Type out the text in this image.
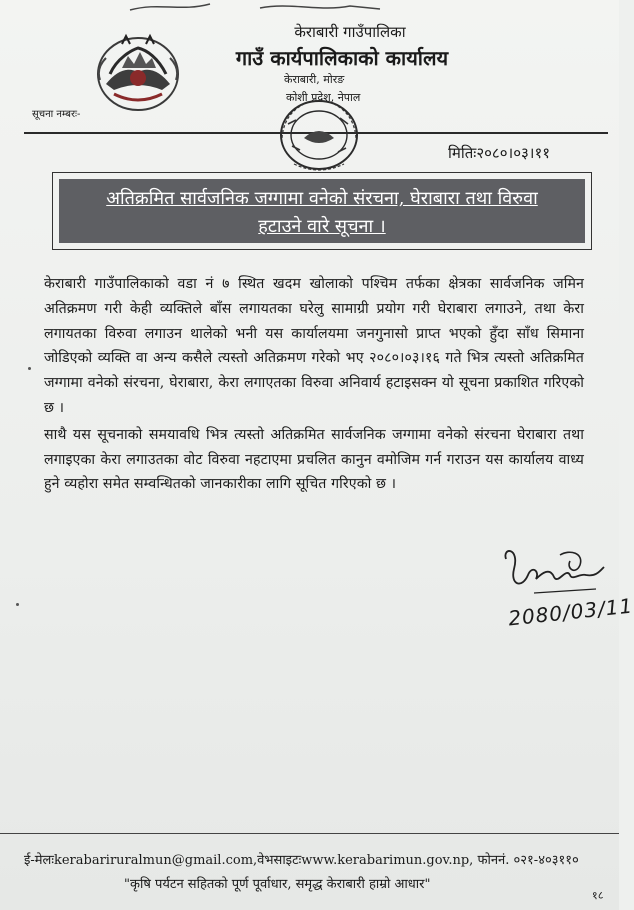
केराबारी गाउँपालिका
गाउँ कार्यपालिकाको कार्यालय
केराबारी, मोरङ
कोशी प्रदेश, नेपाल
सूचना नम्बरः-
मितिः२०८०।०३।११
अतिक्रमित सार्वजनिक जग्गामा वनेको संरचना, घेराबारा तथा विरुवा
हटाउने वारे सूचना ।

केराबारी गाउँपालिकाको वडा नं ७ स्थित खदम खोलाको पश्चिम तर्फका क्षेत्रका सार्वजनिक जमिन अतिक्रमण गरी केही व्यक्तिले बाँस लगायतका घरेलु सामाग्री प्रयोग गरी घेराबारा लगाउने, तथा केरा लगायतका विरुवा लगाउन थालेको भनी यस कार्यालयमा जनगुनासो प्राप्त भएको हुँदा साँध सिमाना जोडिएको व्यक्ति वा अन्य कसैले त्यस्तो अतिक्रमण गरेको भए २०८०।०३।१६ गते भित्र त्यस्तो अतिक्रमित जग्गामा वनेको संरचना, घेराबारा, केरा लगाएतका विरुवा अनिवार्य हटाइसक्न यो सूचना प्रकाशित गरिएको छ ।

साथै यस सूचनाको समयावधि भित्र त्यस्तो अतिक्रमित सार्वजनिक जग्गामा वनेको संरचना घेराबारा तथा लगाइएका केरा लगाउतका वोट विरुवा नहटाएमा प्रचलित कानुन वमोजिम गर्न गराउन यस कार्यालय वाध्य हुने व्यहोरा समेत सम्वन्धितको जानकारीका लागि सूचित गरिएको छ ।

2080/03/11
ई-मेलःkerabariruralmun@gmail.com,वेभसाइटःwww.kerabarimun.gov.np, फोननं. ०२१-४०३११०
"कृषि पर्यटन सहितको पूर्ण पूर्वाधार, समृद्ध केराबारी हाम्रो आधार"
१८
